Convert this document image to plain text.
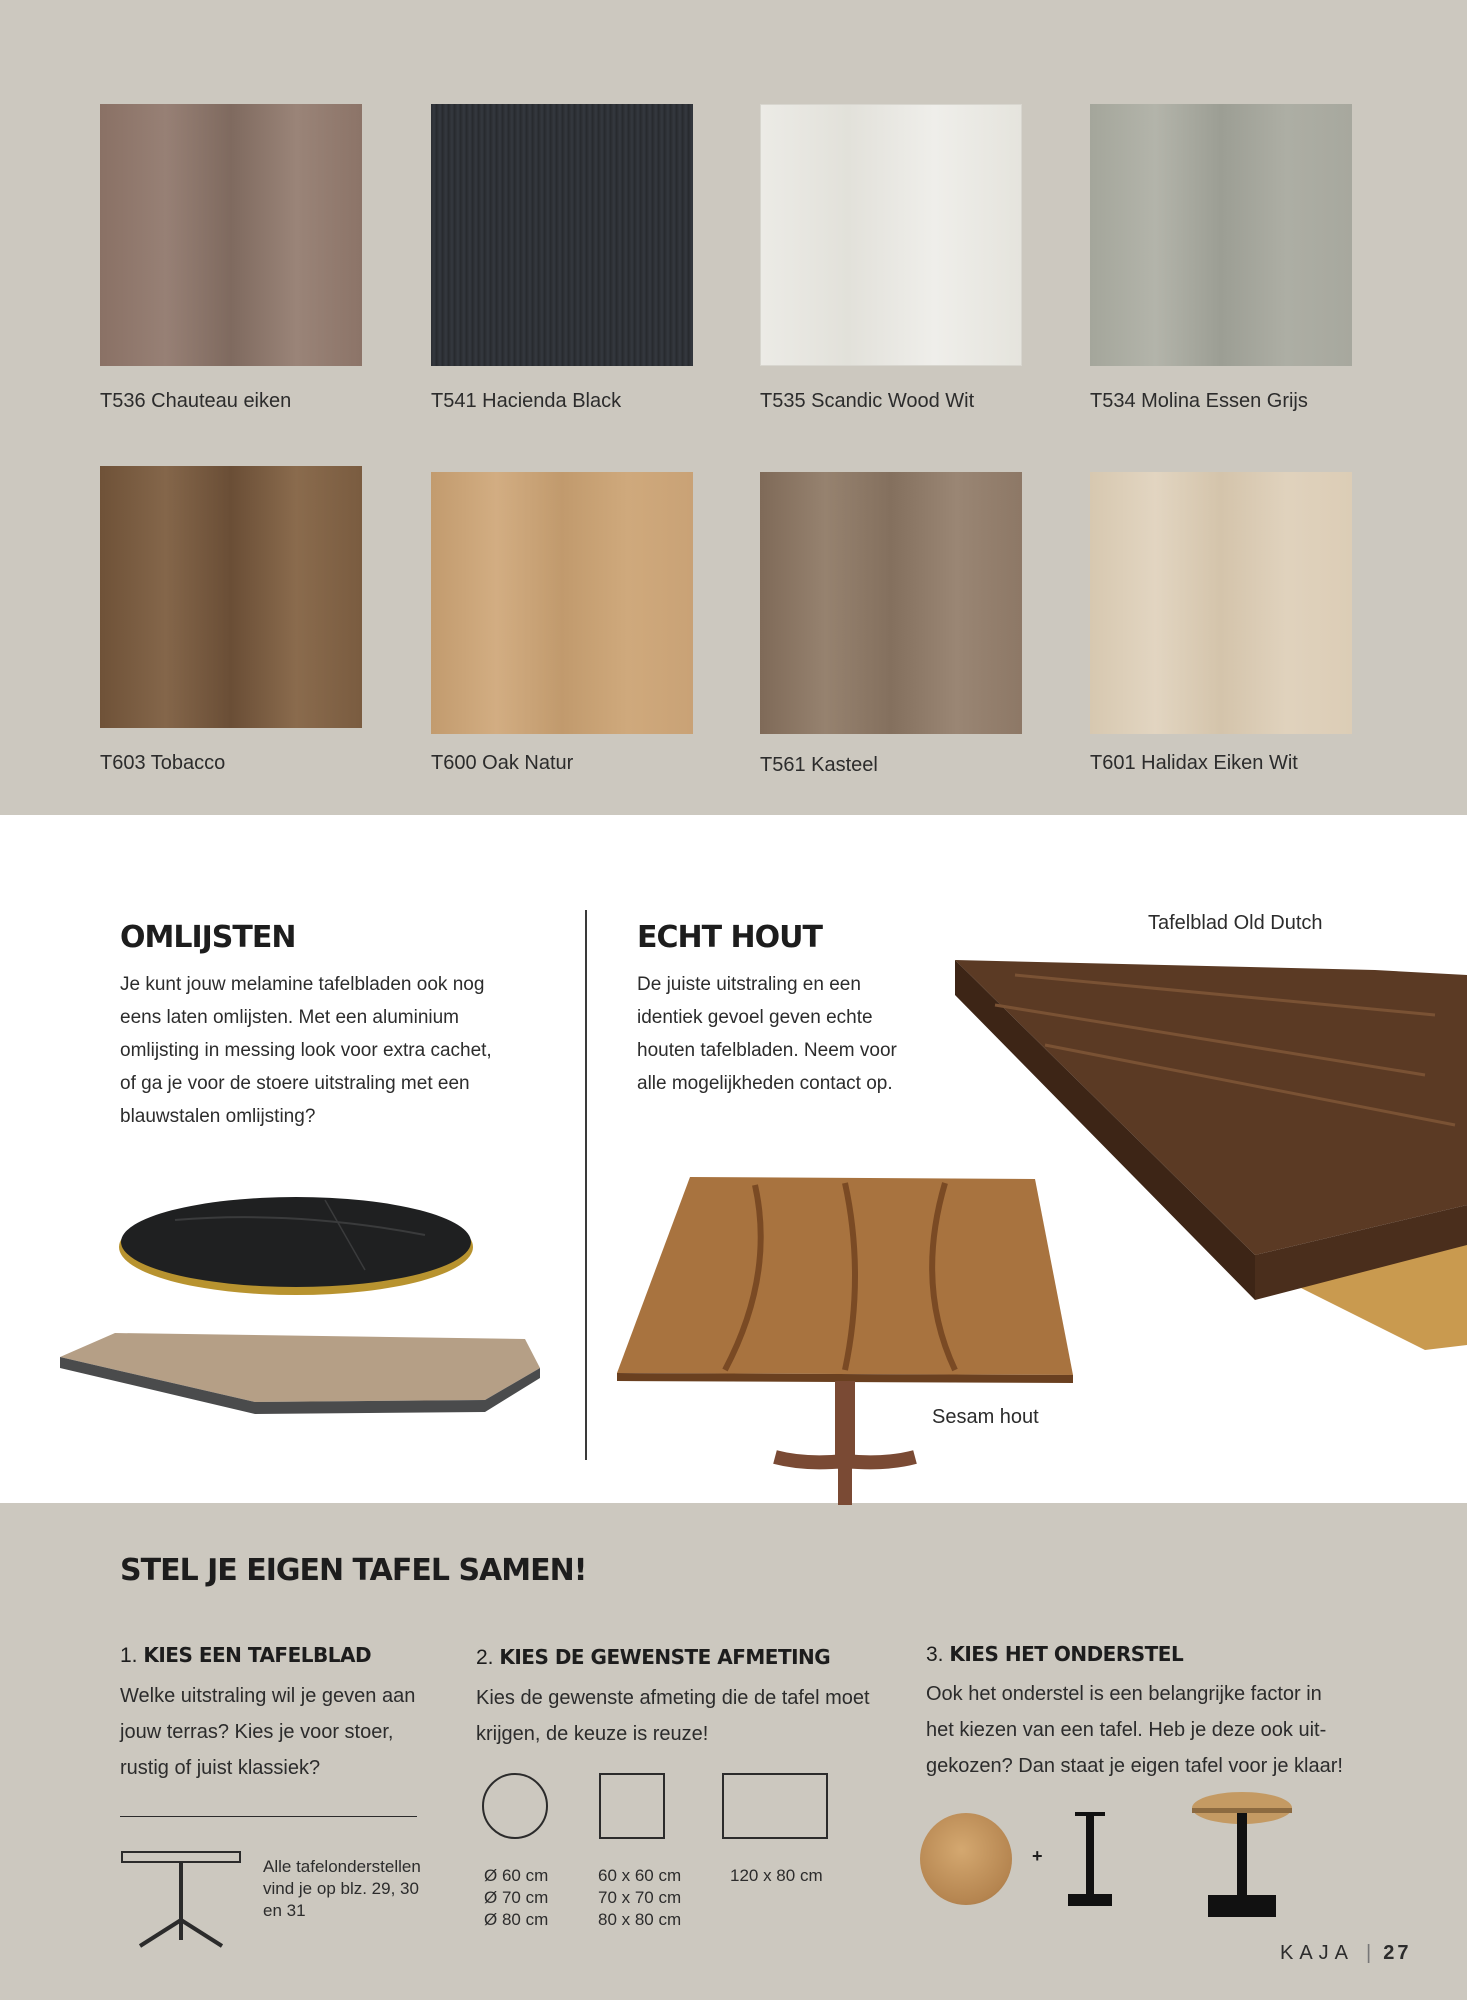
T536 Chauteau eiken	T541 Hacienda Black	T535 Scandic Wood Wit	T534 Molina Essen Grijs
T603 Tobacco	T600 Oak Natur	T561 Kasteel	T601 Halidax Eiken Wit
OMLIJSTEN
Je kunt jouw melamine tafelbladen ook nog
eens laten omlijsten. Met een aluminium
omlijsting in messing look voor extra cachet,
of ga je voor de stoere uitstraling met een
blauwstalen omlijsting?
ECHT HOUT
De juiste uitstraling en een
identiek gevoel geven echte
houten tafelbladen. Neem voor
alle mogelijkheden contact op.
Tafelblad Old Dutch
Sesam hout
STEL JE EIGEN TAFEL SAMEN!
1. KIES EEN TAFELBLAD
Welke uitstraling wil je geven aan
jouw terras? Kies je voor stoer,
rustig of juist klassiek?
Alle tafelonderstellen
vind je op blz. 29, 30
en 31
2. KIES DE GEWENSTE AFMETING
Kies de gewenste afmeting die de tafel moet
krijgen, de keuze is reuze!
Ø 60 cm
Ø 70 cm
Ø 80 cm
60 x 60 cm
70 x 70 cm
80 x 80 cm
120 x 80 cm
3. KIES HET ONDERSTEL
Ook het onderstel is een belangrijke factor in
het kiezen van een tafel. Heb je deze ook uit-
gekozen? Dan staat je eigen tafel voor je klaar!
+
KAJA | 27
